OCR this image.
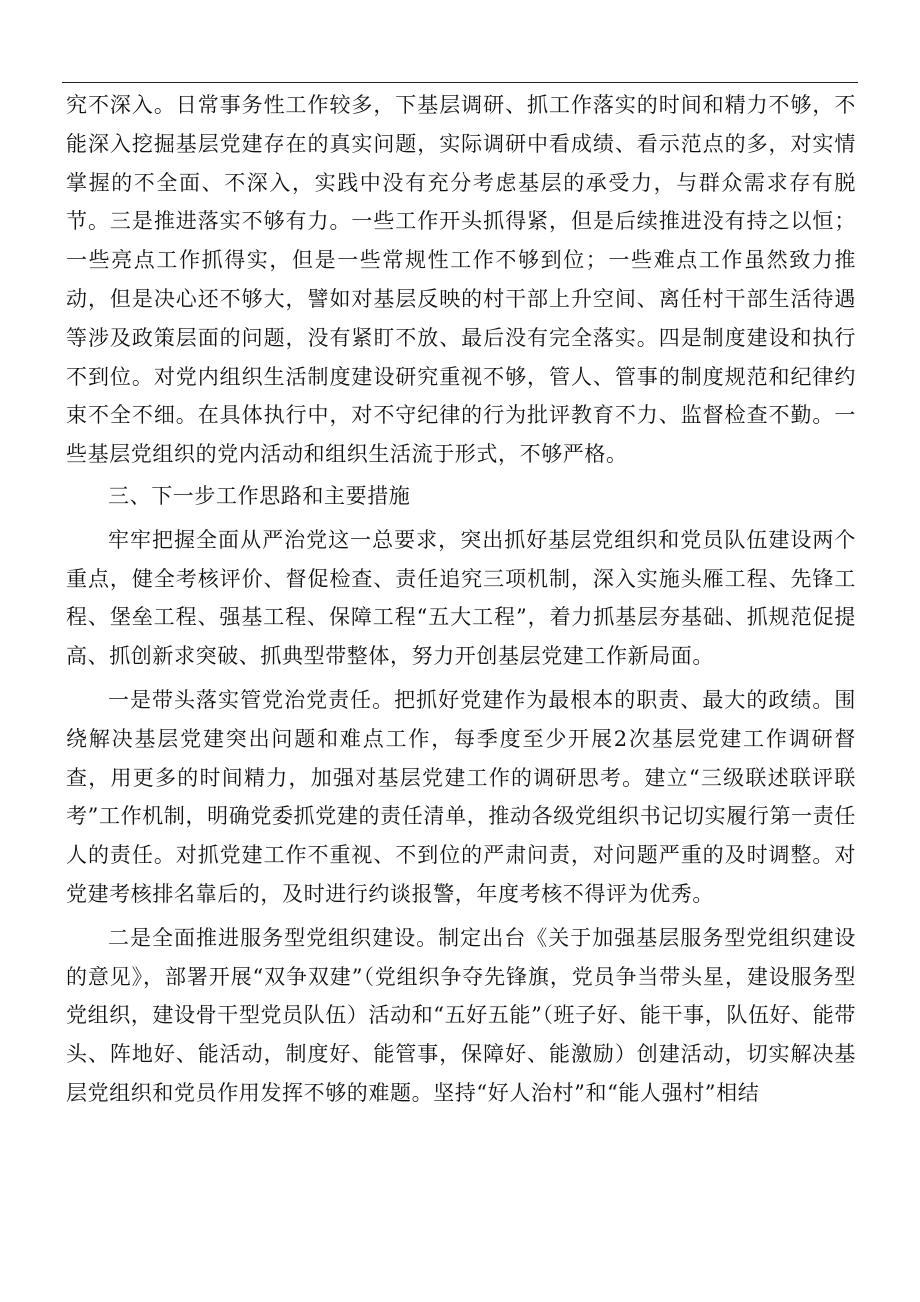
究不深入。日常事务性工作较多，下基层调研、抓工作落实的时间和精力不够，不能深入挖掘基层党建存在的真实问题，实际调研中看成绩、看示范点的多，对实情掌握的不全面、不深入，实践中没有充分考虑基层的承受力，与群众需求存有脱节。三是推进落实不够有力。一些工作开头抓得紧，但是后续推进没有持之以恒；一些亮点工作抓得实，但是一些常规性工作不够到位；一些难点工作虽然致力推动，但是决心还不够大，譬如对基层反映的村干部上升空间、离任村干部生活待遇等涉及政策层面的问题，没有紧盯不放、最后没有完全落实。四是制度建设和执行不到位。对党内组织生活制度建设研究重视不够，管人、管事的制度规范和纪律约束不全不细。在具体执行中，对不守纪律的行为批评教育不力、监督检查不勤。一些基层党组织的党内活动和组织生活流于形式，不够严格。

三、下一步工作思路和主要措施

牢牢把握全面从严治党这一总要求，突出抓好基层党组织和党员队伍建设两个重点，健全考核评价、督促检查、责任追究三项机制，深入实施头雁工程、先锋工程、堡垒工程、强基工程、保障工程“五大工程”，着力抓基层夯基础、抓规范促提高、抓创新求突破、抓典型带整体，努力开创基层党建工作新局面。

一是带头落实管党治党责任。把抓好党建作为最根本的职责、最大的政绩。围绕解决基层党建突出问题和难点工作，每季度至少开展2次基层党建工作调研督查，用更多的时间精力，加强对基层党建工作的调研思考。建立“三级联述联评联考”工作机制，明确党委抓党建的责任清单，推动各级党组织书记切实履行第一责任人的责任。对抓党建工作不重视、不到位的严肃问责，对问题严重的及时调整。对党建考核排名靠后的，及时进行约谈报警，年度考核不得评为优秀。

二是全面推进服务型党组织建设。制定出台《关于加强基层服务型党组织建设的意见》，部署开展“双争双建”（党组织争夺先锋旗，党员争当带头星，建设服务型党组织，建设骨干型党员队伍）活动和“五好五能”（班子好、能干事，队伍好、能带头、阵地好、能活动，制度好、能管事，保障好、能激励）创建活动，切实解决基层党组织和党员作用发挥不够的难题。坚持“好人治村”和“能人强村”相结
